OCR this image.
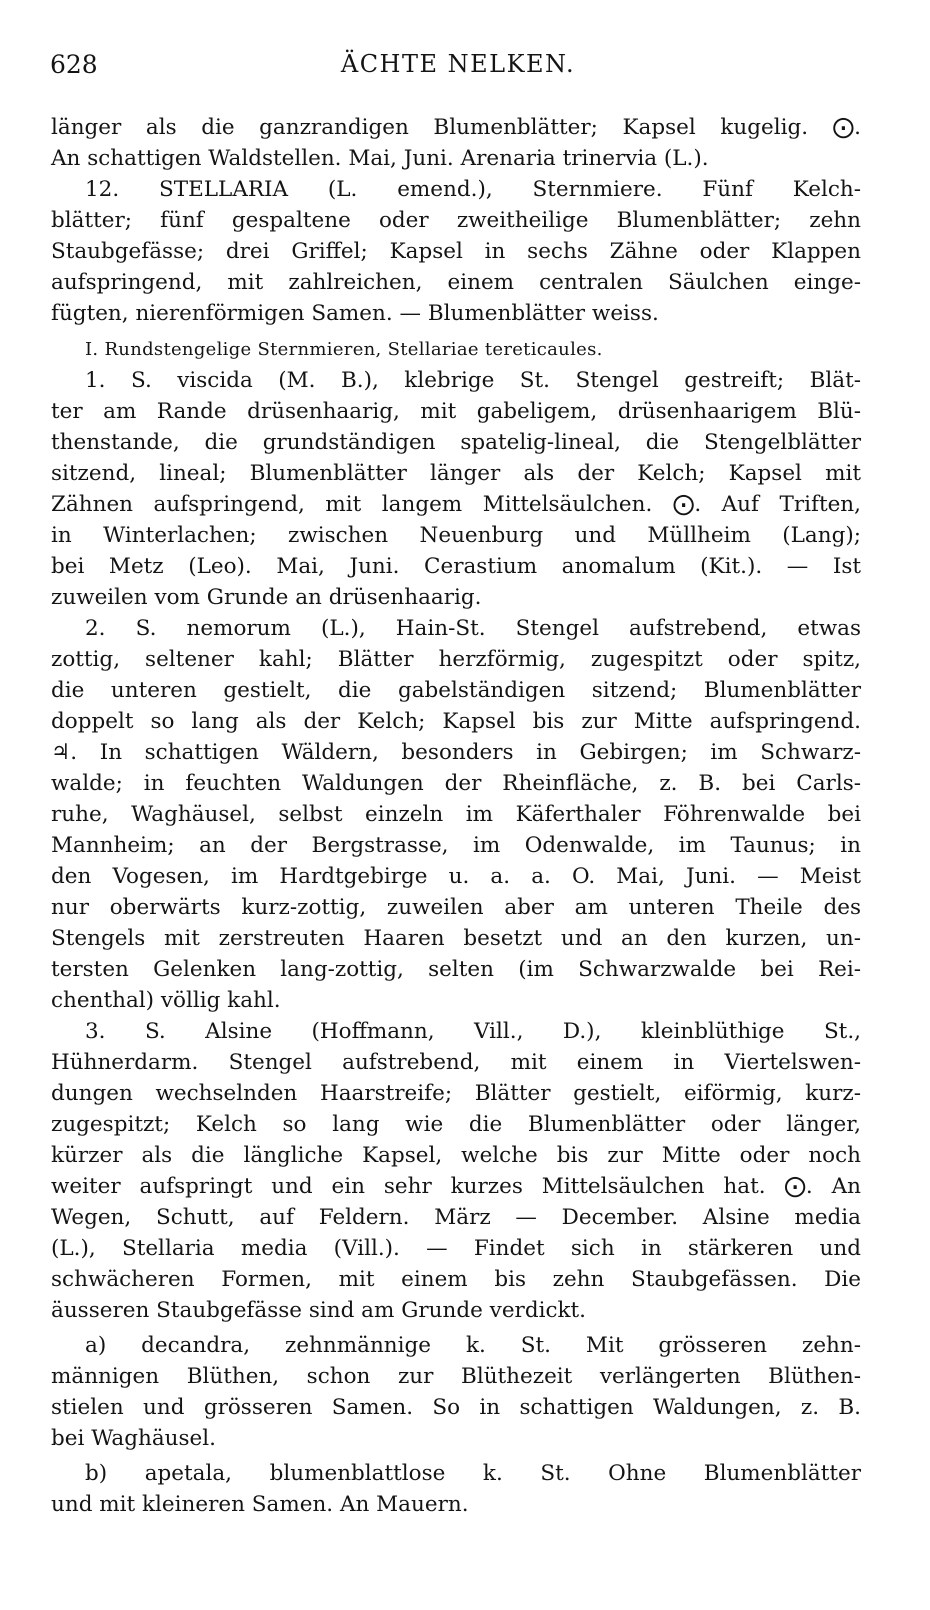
628	ÄCHTE NELKEN.
länger als die ganzrandigen Blumenblätter; Kapsel kugelig. ⨀.
An schattigen Waldstellen. Mai, Juni. Arenaria trinervia (L.).
12. STELLARIA (L. emend.), Sternmiere. Fünf Kelch-
blätter; fünf gespaltene oder zweitheilige Blumenblätter; zehn
Staubgefässe; drei Griffel; Kapsel in sechs Zähne oder Klappen
aufspringend, mit zahlreichen, einem centralen Säulchen einge-
fügten, nierenförmigen Samen. — Blumenblätter weiss.
I. Rundstengelige Sternmieren, Stellariae tereticaules.
1. S. viscida (M. B.), klebrige St. Stengel gestreift; Blät-
ter am Rande drüsenhaarig, mit gabeligem, drüsenhaarigem Blü-
thenstande, die grundständigen spatelig-lineal, die Stengelblätter
sitzend, lineal; Blumenblätter länger als der Kelch; Kapsel mit
Zähnen aufspringend, mit langem Mittelsäulchen. ⨀. Auf Triften,
in Winterlachen; zwischen Neuenburg und Müllheim (Lang);
bei Metz (Leo). Mai, Juni. Cerastium anomalum (Kit.). — Ist
zuweilen vom Grunde an drüsenhaarig.
2. S. nemorum (L.), Hain-St. Stengel aufstrebend, etwas
zottig, seltener kahl; Blätter herzförmig, zugespitzt oder spitz,
die unteren gestielt, die gabelständigen sitzend; Blumenblätter
doppelt so lang als der Kelch; Kapsel bis zur Mitte aufspringend.
♃. In schattigen Wäldern, besonders in Gebirgen; im Schwarz-
walde; in feuchten Waldungen der Rheinfläche, z. B. bei Carls-
ruhe, Waghäusel, selbst einzeln im Käferthaler Föhrenwalde bei
Mannheim; an der Bergstrasse, im Odenwalde, im Taunus; in
den Vogesen, im Hardtgebirge u. a. a. O. Mai, Juni. — Meist
nur oberwärts kurz-zottig, zuweilen aber am unteren Theile des
Stengels mit zerstreuten Haaren besetzt und an den kurzen, un-
tersten Gelenken lang-zottig, selten (im Schwarzwalde bei Rei-
chenthal) völlig kahl.
3. S. Alsine (Hoffmann, Vill., D.), kleinblüthige St.,
Hühnerdarm. Stengel aufstrebend, mit einem in Viertelswen-
dungen wechselnden Haarstreife; Blätter gestielt, eiförmig, kurz-
zugespitzt; Kelch so lang wie die Blumenblätter oder länger,
kürzer als die längliche Kapsel, welche bis zur Mitte oder noch
weiter aufspringt und ein sehr kurzes Mittelsäulchen hat. ⨀. An
Wegen, Schutt, auf Feldern. März — December. Alsine media
(L.), Stellaria media (Vill.). — Findet sich in stärkeren und
schwächeren Formen, mit einem bis zehn Staubgefässen. Die
äusseren Staubgefässe sind am Grunde verdickt.
a) decandra, zehnmännige k. St. Mit grösseren zehn-
männigen Blüthen, schon zur Blüthezeit verlängerten Blüthen-
stielen und grösseren Samen. So in schattigen Waldungen, z. B.
bei Waghäusel.
b) apetala, blumenblattlose k. St. Ohne Blumenblätter
und mit kleineren Samen. An Mauern.
